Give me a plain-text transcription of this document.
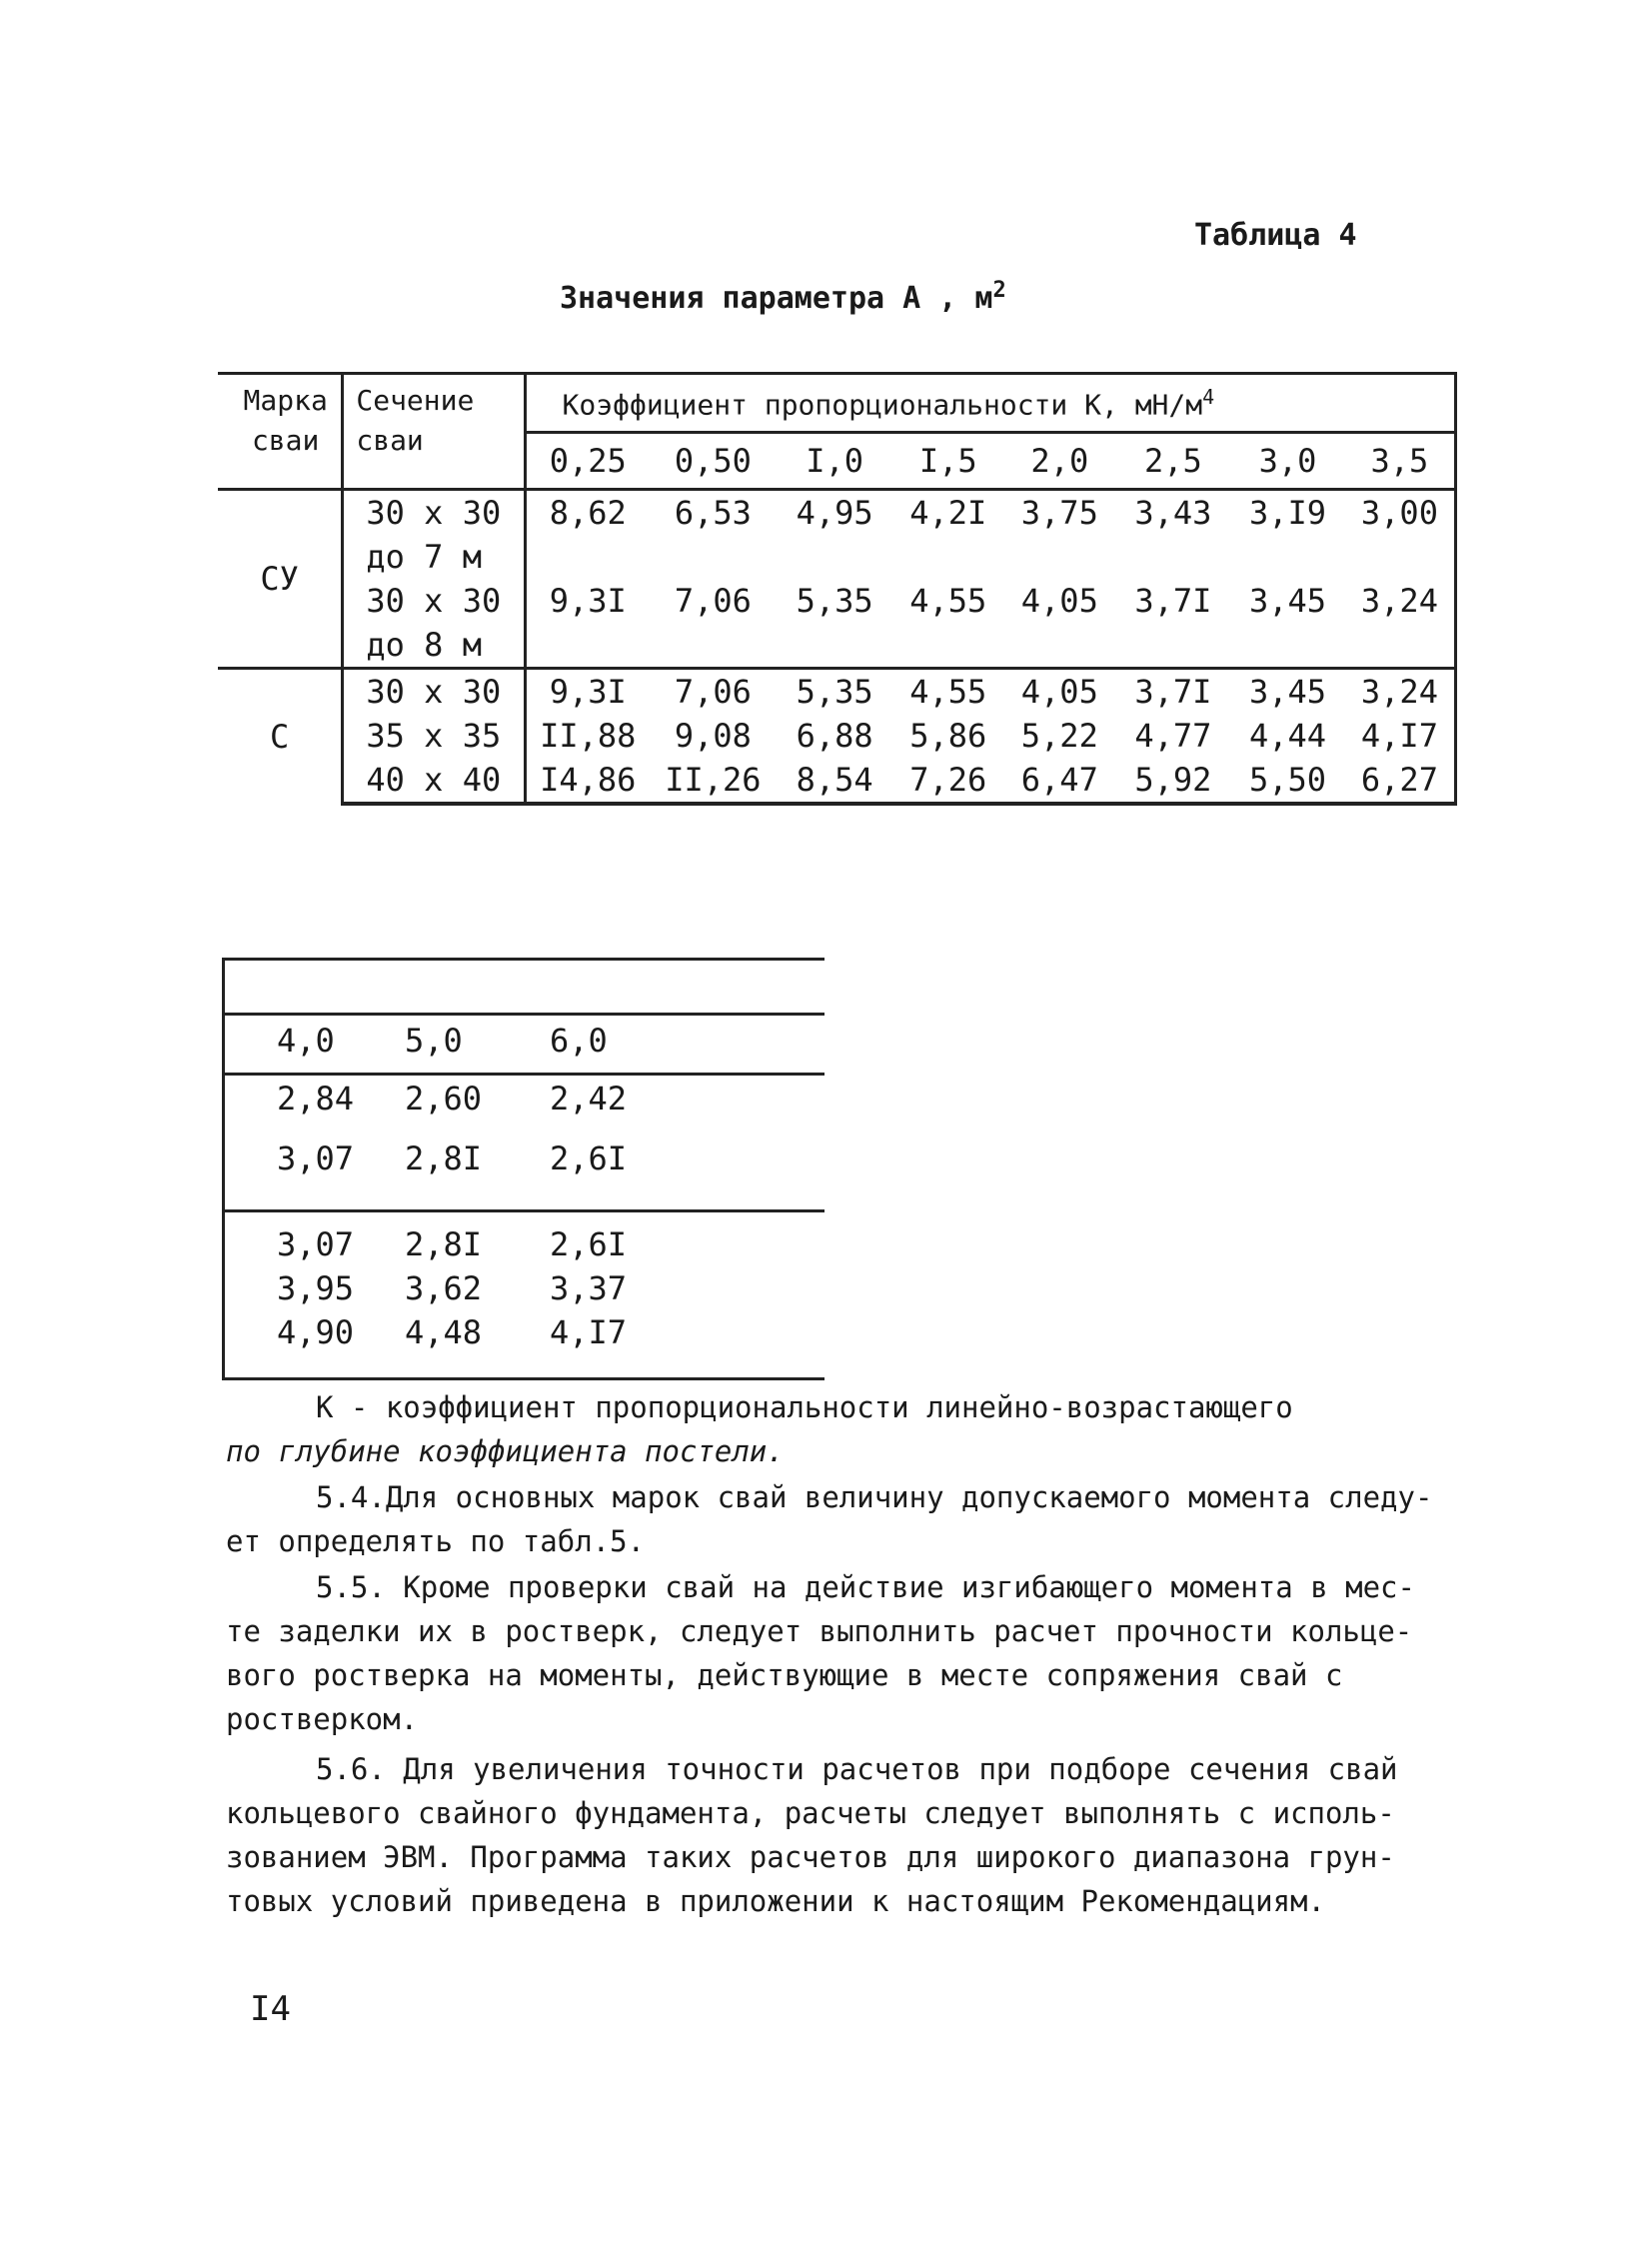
Таблица 4
Значения параметра A , $м^2$
Марка сваи	Сечение сваи	Коэффициент пропорциональности K, $мН/м^4$
		0,25	0,50	I,0	I,5	2,0	2,5	3,0	3,5
СУ	30 x 30	8,62	6,53	4,95	4,2I	3,75	3,43	3,I9	3,00
	до 7 м								
	30 x 30	9,3I	7,06	5,35	4,55	4,05	3,7I	3,45	3,24
	до 8 м								
С	30 x 30	9,3I	7,06	5,35	4,55	4,05	3,7I	3,45	3,24
	35 x 35	II,88	9,08	6,88	5,86	5,22	4,77	4,44	4,I7
	40 x 40	I4,86	II,26	8,54	7,26	6,47	5,92	5,50	6,27
4,0 5,0	6,0
2,84 2,60 2,42
3,07 2,8I 2,6I
3,07 2,8I 2,6I
3,95 3,62 3,37
4,90 4,48 4,I7
K - коэффициент пропорциональности линейно-возрастающего
по глубине коэффициента постели.
5.4.Для основных марок свай величину допускаемого момента следу-
ет определять по табл.5.
5.5. Кроме проверки свай на действие изгибающего момента в мес-
те заделки их в ростверк, следует выполнить расчет прочности кольце-
вого ростверка на моменты, действующие в месте сопряжения свай с
ростверком.
5.6. Для увеличения точности расчетов при подборе сечения свай
кольцевого свайного фундамента, расчеты следует выполнять с исполь-
зованием ЭВМ. Программа таких расчетов для широкого диапазона грун-
товых условий приведена в приложении к настоящим Рекомендациям.
I4
